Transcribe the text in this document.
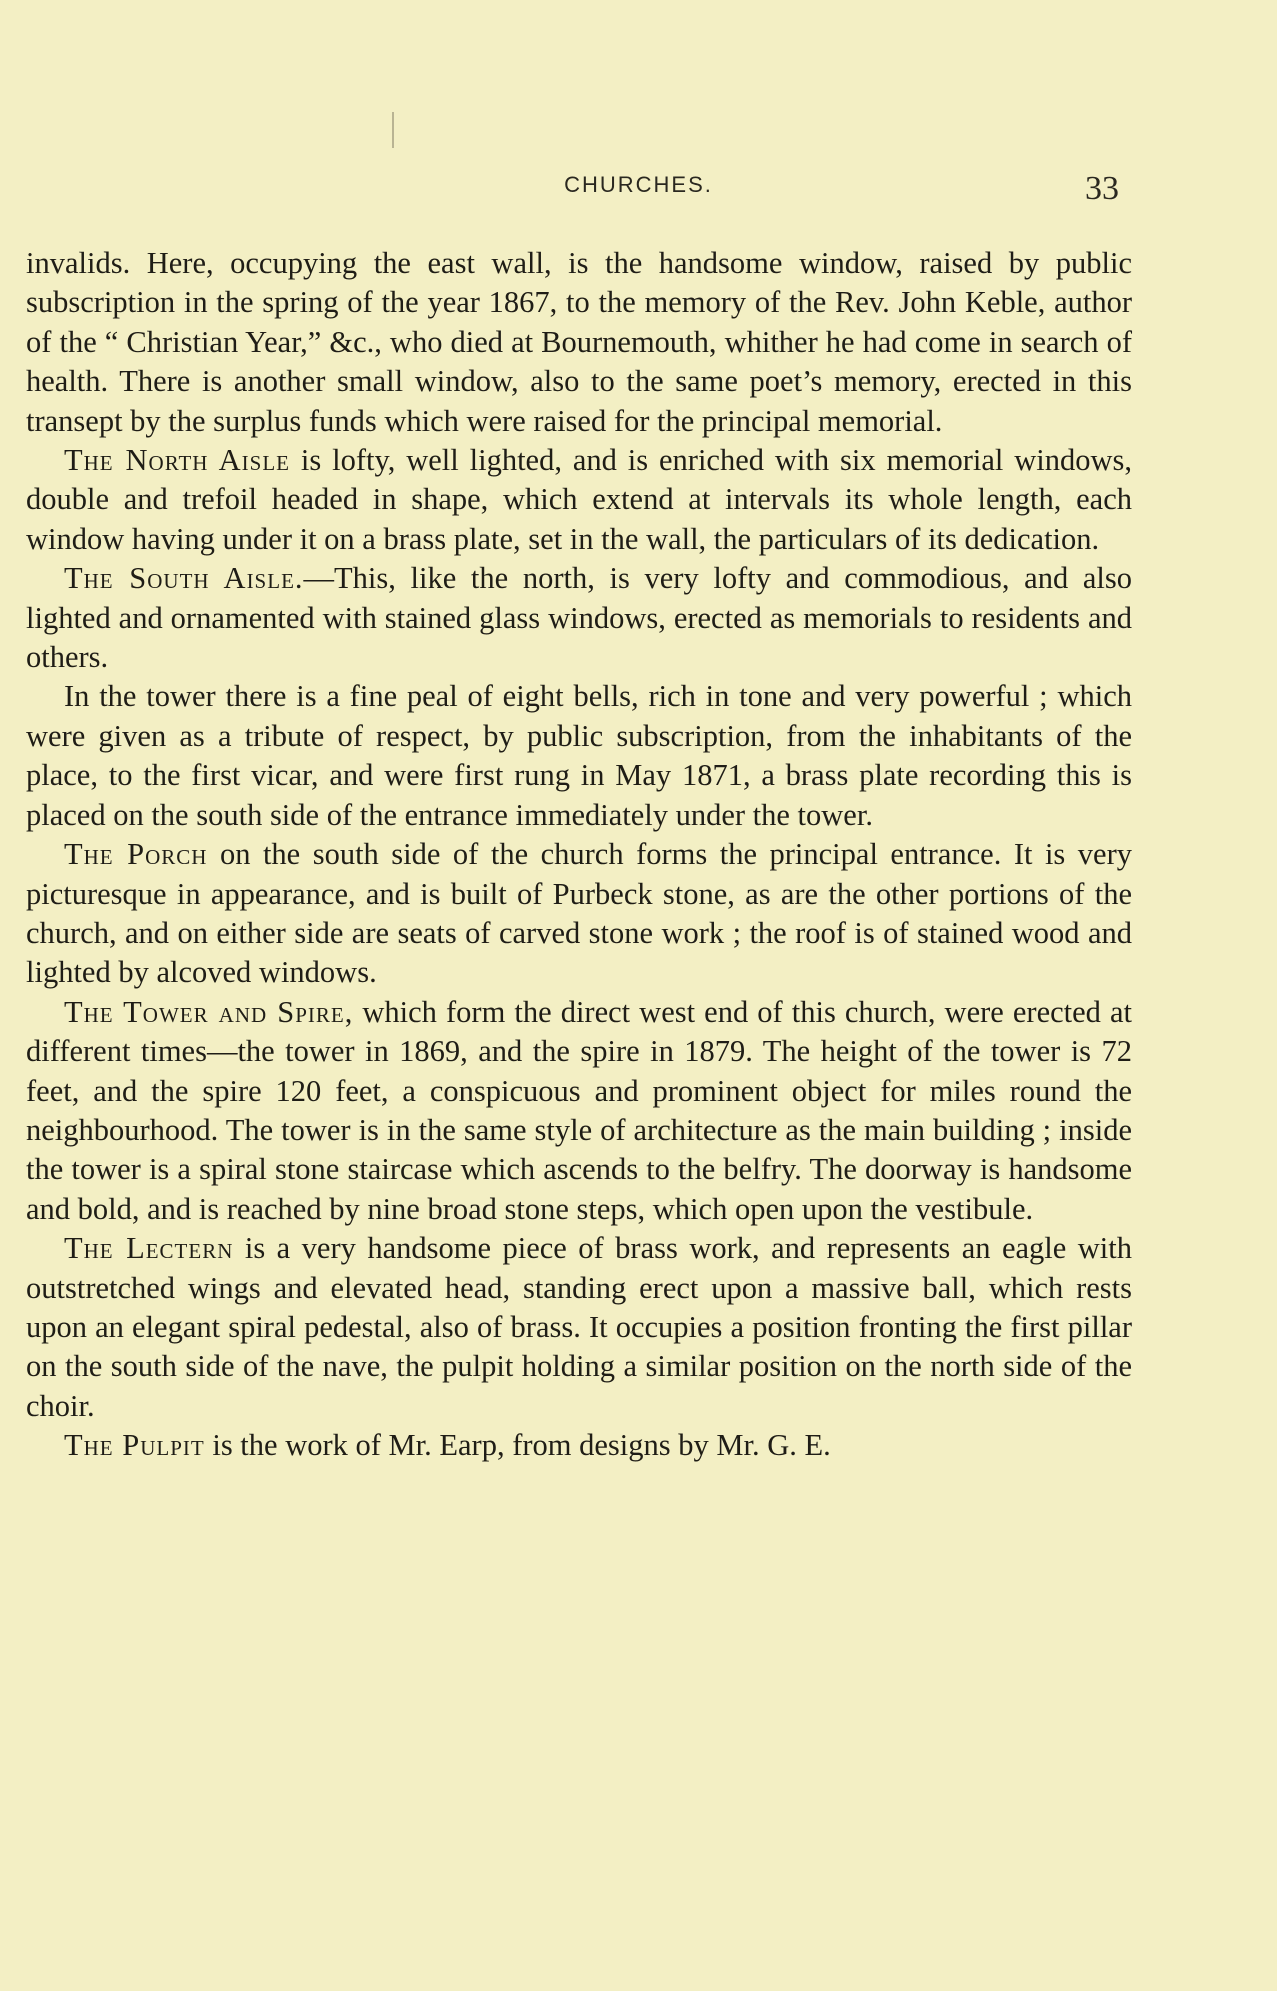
CHURCHES.	33

invalids. Here, occupying the east wall, is the handsome window, raised by public subscription in the spring of the year 1867, to the memory of the Rev. John Keble, author of the “ Christian Year,” &c., who died at Bournemouth, whither he had come in search of health. There is another small window, also to the same poet’s memory, erected in this transept by the surplus funds which were raised for the principal memorial.

The North Aisle is lofty, well lighted, and is enriched with six memorial windows, double and trefoil headed in shape, which extend at intervals its whole length, each window having under it on a brass plate, set in the wall, the particulars of its dedication.

The South Aisle.—This, like the north, is very lofty and commodious, and also lighted and ornamented with stained glass windows, erected as memorials to residents and others.

In the tower there is a fine peal of eight bells, rich in tone and very powerful ; which were given as a tribute of respect, by public subscription, from the inhabitants of the place, to the first vicar, and were first rung in May 1871, a brass plate recording this is placed on the south side of the entrance immediately under the tower.

The Porch on the south side of the church forms the principal entrance. It is very picturesque in appearance, and is built of Purbeck stone, as are the other portions of the church, and on either side are seats of carved stone work ; the roof is of stained wood and lighted by alcoved windows.

The Tower and Spire, which form the direct west end of this church, were erected at different times—the tower in 1869, and the spire in 1879. The height of the tower is 72 feet, and the spire 120 feet, a conspicuous and prominent object for miles round the neighbourhood. The tower is in the same style of architecture as the main building ; inside the tower is a spiral stone staircase which ascends to the belfry. The doorway is handsome and bold, and is reached by nine broad stone steps, which open upon the vestibule.

The Lectern is a very handsome piece of brass work, and represents an eagle with outstretched wings and elevated head, standing erect upon a massive ball, which rests upon an elegant spiral pedestal, also of brass. It occupies a position fronting the first pillar on the south side of the nave, the pulpit holding a similar position on the north side of the choir.

The Pulpit is the work of Mr. Earp, from designs by Mr. G. E.
